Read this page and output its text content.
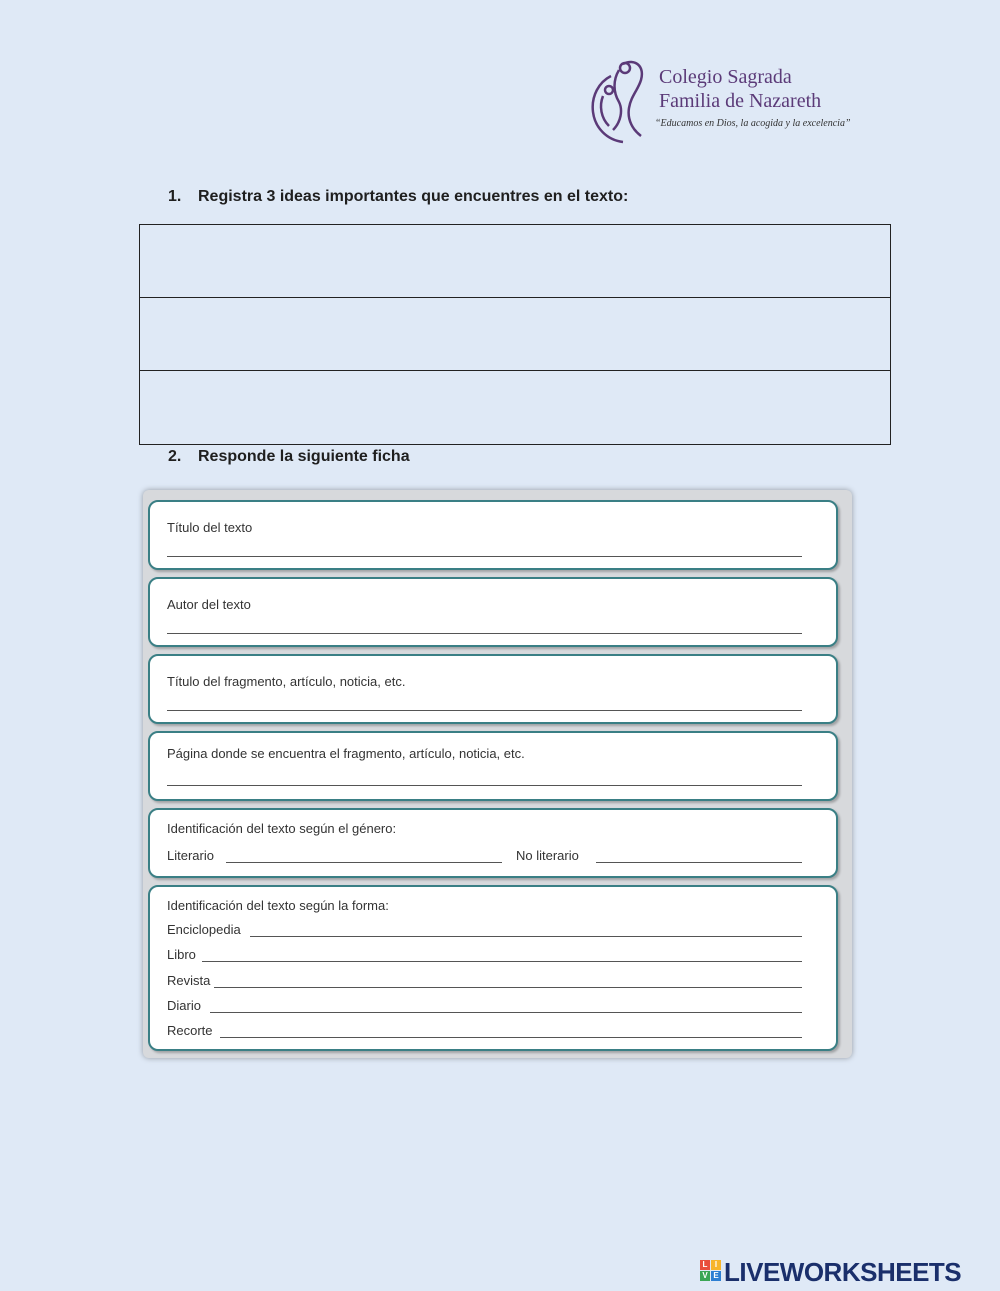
Colegio Sagrada
Familia de Nazareth
“Educamos en Dios, la acogida y la excelencia”
1. Registra 3 ideas importantes que encuentres en el texto:
2. Responde la siguiente ficha
Título del texto
Autor del texto
Título del fragmento, artículo, noticia, etc.
Página donde se encuentra el fragmento, artículo, noticia, etc.
Identificación del texto según el género:
Literario	No literario
Identificación del texto según la forma:
Enciclopedia
Libro
Revista
Diario
Recorte
L I
V E LIVEWORKSHEETS
